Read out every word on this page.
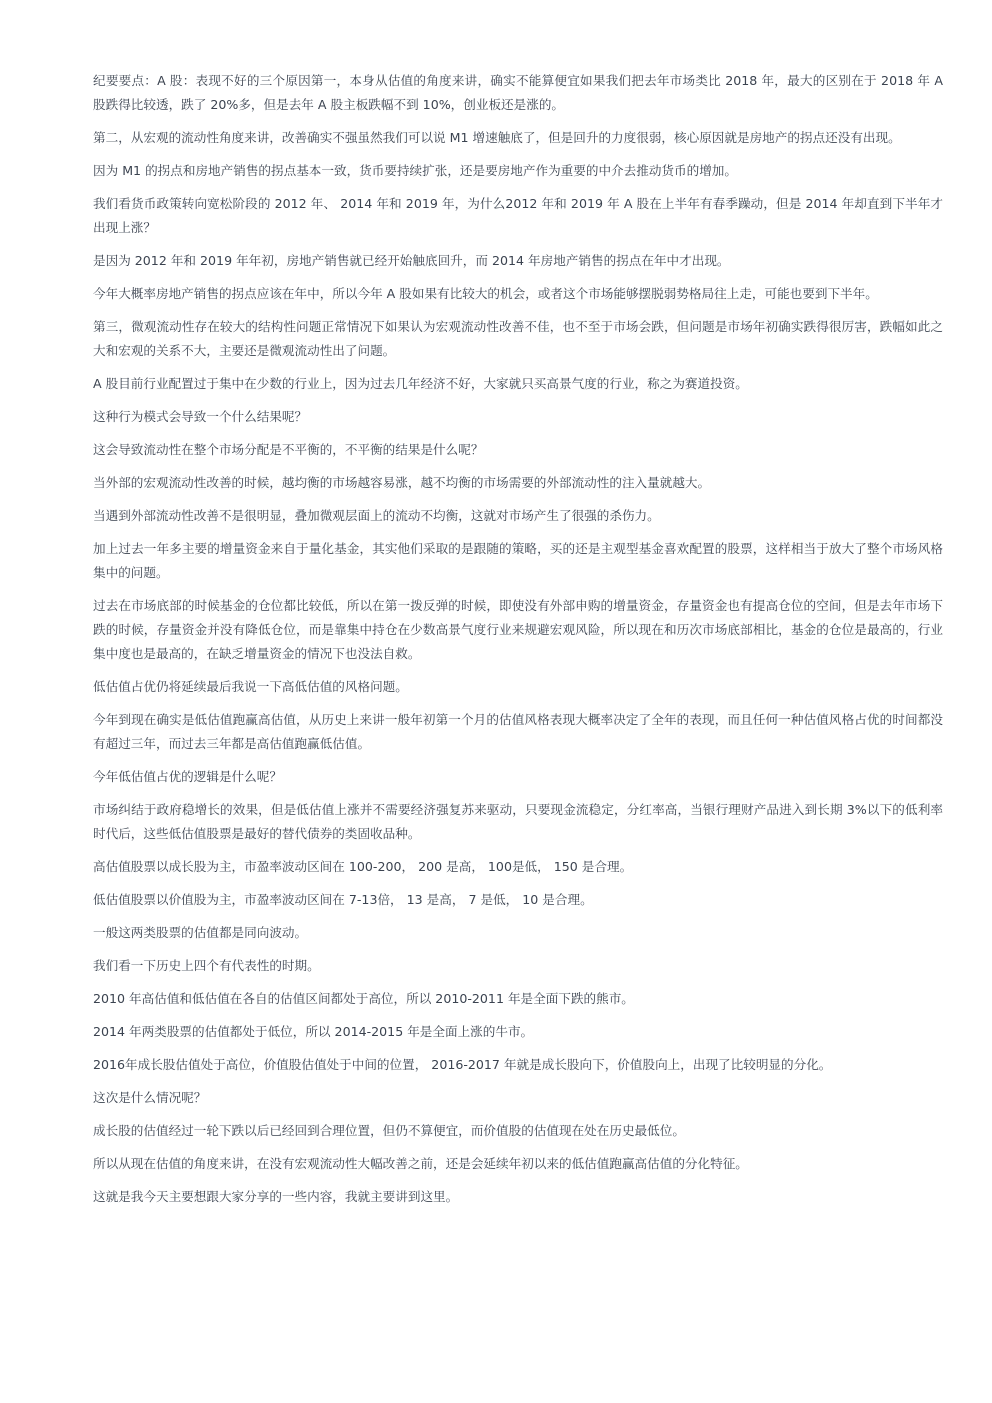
纪要要点：A 股：表现不好的三个原因第一，本身从估值的角度来讲，确实不能算便宜如果我们把去年市场类比 2018 年，最大的区别在于 2018 年 A 股跌得比较透，跌了 20%多，但是去年 A 股主板跌幅不到 10%，创业板还是涨的。

第二，从宏观的流动性角度来讲，改善确实不强虽然我们可以说 M1 增速触底了，但是回升的力度很弱，核心原因就是房地产的拐点还没有出现。

因为 M1 的拐点和房地产销售的拐点基本一致，货币要持续扩张，还是要房地产作为重要的中介去推动货币的增加。

我们看货币政策转向宽松阶段的 2012 年、 2014 年和 2019 年，为什么2012 年和 2019 年 A 股在上半年有春季躁动，但是 2014 年却直到下半年才出现上涨？

是因为 2012 年和 2019 年年初，房地产销售就已经开始触底回升，而 2014 年房地产销售的拐点在年中才出现。

今年大概率房地产销售的拐点应该在年中，所以今年 A 股如果有比较大的机会，或者这个市场能够摆脱弱势格局往上走，可能也要到下半年。

第三，微观流动性存在较大的结构性问题正常情况下如果认为宏观流动性改善不佳，也不至于市场会跌，但问题是市场年初确实跌得很厉害，跌幅如此之大和宏观的关系不大，主要还是微观流动性出了问题。

A 股目前行业配置过于集中在少数的行业上，因为过去几年经济不好，大家就只买高景气度的行业，称之为赛道投资。

这种行为模式会导致一个什么结果呢？

这会导致流动性在整个市场分配是不平衡的，不平衡的结果是什么呢？

当外部的宏观流动性改善的时候，越均衡的市场越容易涨，越不均衡的市场需要的外部流动性的注入量就越大。

当遇到外部流动性改善不是很明显，叠加微观层面上的流动不均衡，这就对市场产生了很强的杀伤力。

加上过去一年多主要的增量资金来自于量化基金，其实他们采取的是跟随的策略，买的还是主观型基金喜欢配置的股票，这样相当于放大了整个市场风格集中的问题。

过去在市场底部的时候基金的仓位都比较低，所以在第一拨反弹的时候，即使没有外部申购的增量资金，存量资金也有提高仓位的空间，但是去年市场下跌的时候，存量资金并没有降低仓位，而是靠集中持仓在少数高景气度行业来规避宏观风险，所以现在和历次市场底部相比，基金的仓位是最高的，行业集中度也是最高的，在缺乏增量资金的情况下也没法自救。

低估值占优仍将延续最后我说一下高低估值的风格问题。

今年到现在确实是低估值跑赢高估值，从历史上来讲一般年初第一个月的估值风格表现大概率决定了全年的表现，而且任何一种估值风格占优的时间都没有超过三年，而过去三年都是高估值跑赢低估值。

今年低估值占优的逻辑是什么呢？

市场纠结于政府稳增长的效果，但是低估值上涨并不需要经济强复苏来驱动，只要现金流稳定，分红率高，当银行理财产品进入到长期 3%以下的低利率时代后，这些低估值股票是最好的替代债券的类固收品种。

高估值股票以成长股为主，市盈率波动区间在 100-200， 200 是高， 100是低， 150 是合理。

低估值股票以价值股为主，市盈率波动区间在 7-13倍， 13 是高， 7 是低， 10 是合理。

一般这两类股票的估值都是同向波动。

我们看一下历史上四个有代表性的时期。

2010 年高估值和低估值在各自的估值区间都处于高位，所以 2010-2011 年是全面下跌的熊市。

2014 年两类股票的估值都处于低位，所以 2014-2015 年是全面上涨的牛市。

2016年成长股估值处于高位，价值股估值处于中间的位置， 2016-2017 年就是成长股向下，价值股向上，出现了比较明显的分化。

这次是什么情况呢？

成长股的估值经过一轮下跌以后已经回到合理位置，但仍不算便宜，而价值股的估值现在处在历史最低位。

所以从现在估值的角度来讲，在没有宏观流动性大幅改善之前，还是会延续年初以来的低估值跑赢高估值的分化特征。

这就是我今天主要想跟大家分享的一些内容，我就主要讲到这里。
